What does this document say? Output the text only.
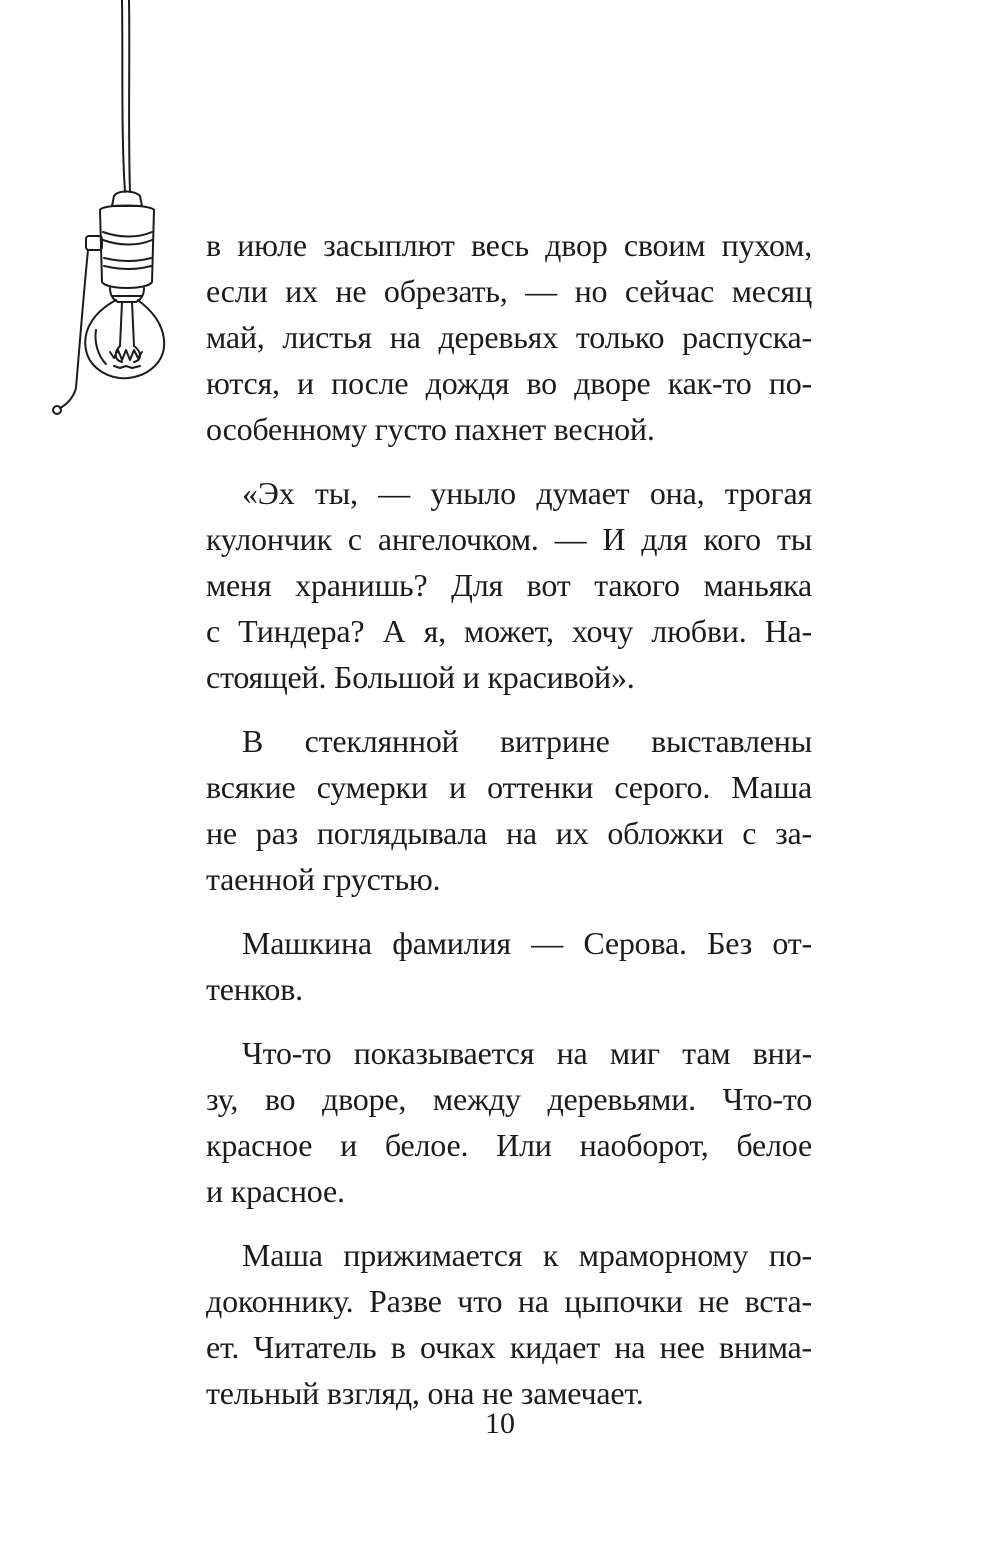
в июле засыплют весь двор своим пухом,
если их не обрезать, — но сейчас месяц
май, листья на деревьях только распуска-
ются, и после дождя во дворе как-то по-
особенному густо пахнет весной.

«Эх ты, — уныло думает она, трогая
кулончик с ангелочком. — И для кого ты
меня хранишь? Для вот такого маньяка
с Тиндера? А я, может, хочу любви. На-
стоящей. Большой и красивой».

В стеклянной витрине выставлены
всякие сумерки и оттенки серого. Маша
не раз поглядывала на их обложки с за-
таенной грустью.

Машкина фамилия — Серова. Без от-
тенков.

Что-то показывается на миг там вни-
зу, во дворе, между деревьями. Что-то
красное и белое. Или наоборот, белое
и красное.

Маша прижимается к мраморному по-
доконнику. Разве что на цыпочки не вста-
ет. Читатель в очках кидает на нее внима-
тельный взгляд, она не замечает.

10
